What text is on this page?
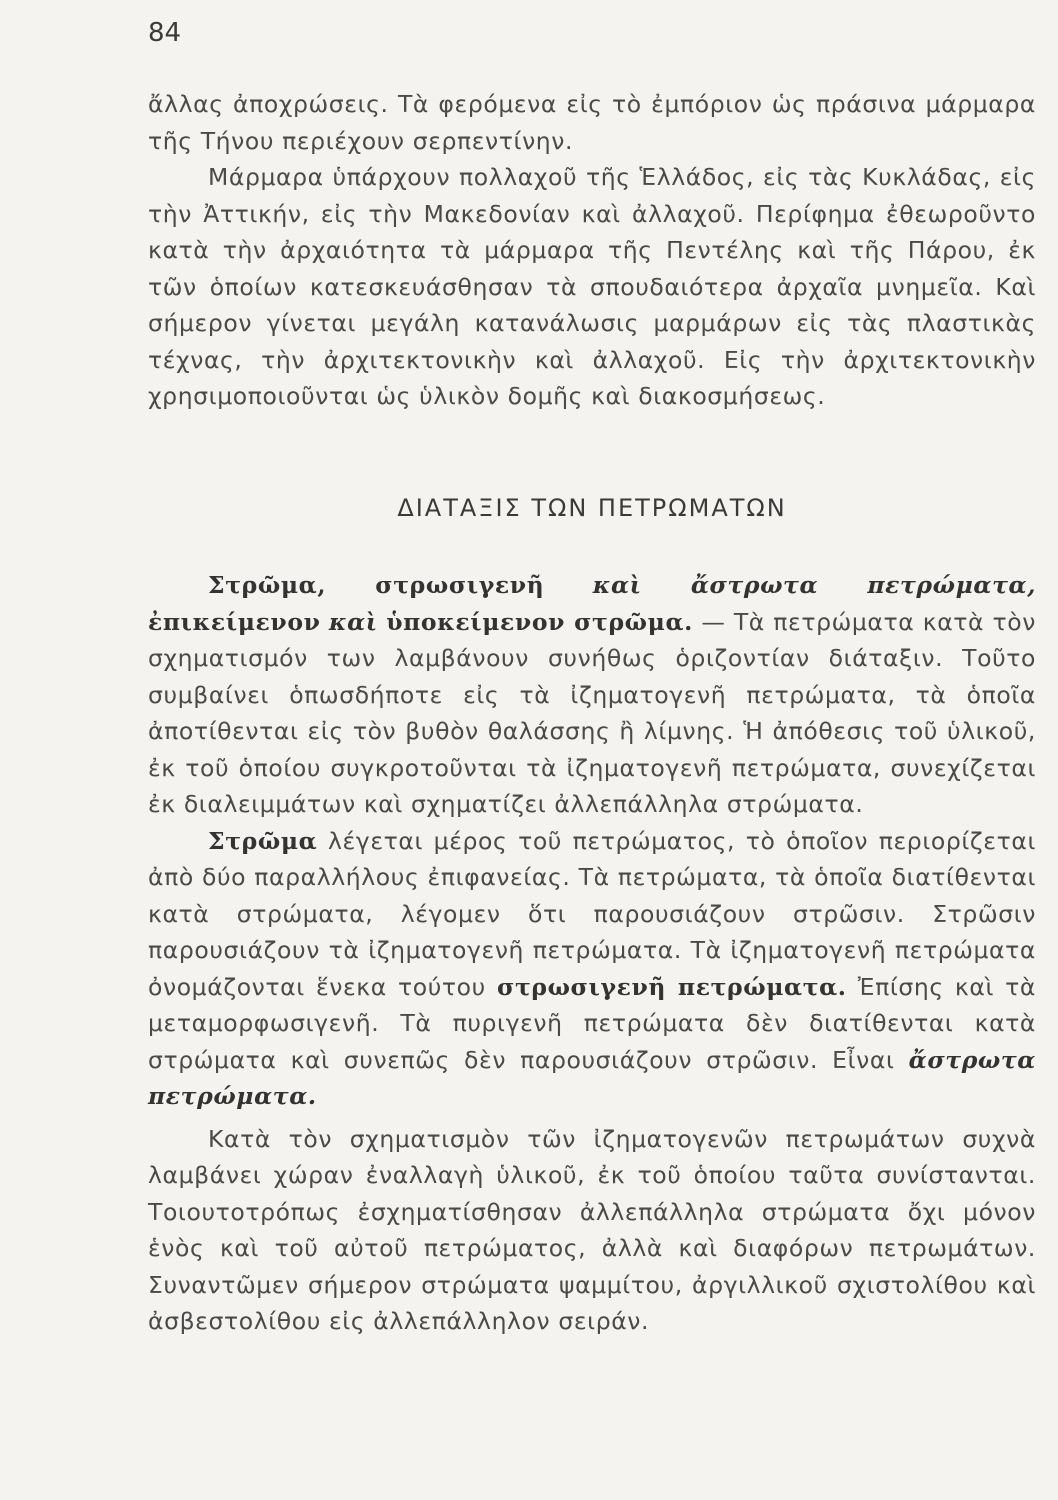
84

ἄλλας ἀποχρώσεις. Τὰ φερόμενα εἰς τὸ ἐμπόριον ὡς πράσινα μάρμαρα τῆς Τήνου περιέχουν σερπεντίνην.

Μάρμαρα ὑπάρχουν πολλαχοῦ τῆς Ἑλλάδος, εἰς τὰς Κυκλάδας, εἰς τὴν Ἀττικήν, εἰς τὴν Μακεδονίαν καὶ ἀλλαχοῦ. Περίφημα ἐθεωροῦντο κατὰ τὴν ἀρχαιότητα τὰ μάρμαρα τῆς Πεντέλης καὶ τῆς Πάρου, ἐκ τῶν ὁποίων κατεσκευάσθησαν τὰ σπουδαιότερα ἀρχαῖα μνημεῖα. Καὶ σήμερον γίνεται μεγάλη κατανάλωσις μαρμάρων εἰς τὰς πλαστικὰς τέχνας, τὴν ἀρχιτεκτονικὴν καὶ ἀλλαχοῦ. Εἰς τὴν ἀρχιτεκτονικὴν χρησιμοποιοῦνται ὡς ὑλικὸν δομῆς καὶ διακοσμήσεως.

ΔΙΑΤΑΞΙΣ ΤΩΝ ΠΕΤΡΩΜΑΤΩΝ

Στρῶμα, στρωσιγενῆ καὶ ἄστρωτα πετρώματα, ἐπικείμενον καὶ ὑποκείμενον στρῶμα. — Τὰ πετρώματα κατὰ τὸν σχηματισμόν των λαμβάνουν συνήθως ὁριζοντίαν διάταξιν. Τοῦτο συμβαίνει ὁπωσδήποτε εἰς τὰ ἰζηματογενῆ πετρώματα, τὰ ὁποῖα ἀποτίθενται εἰς τὸν βυθὸν θαλάσσης ἢ λίμνης. Ἡ ἀπόθεσις τοῦ ὑλικοῦ, ἐκ τοῦ ὁποίου συγκροτοῦνται τὰ ἰζηματογενῆ πετρώματα, συνεχίζεται ἐκ διαλειμμάτων καὶ σχηματίζει ἀλλεπάλληλα στρώματα.

Στρῶμα λέγεται μέρος τοῦ πετρώματος, τὸ ὁποῖον περιορίζεται ἀπὸ δύο παραλλήλους ἐπιφανείας. Τὰ πετρώματα, τὰ ὁποῖα διατίθενται κατὰ στρώματα, λέγομεν ὅτι παρουσιάζουν στρῶσιν. Στρῶσιν παρουσιάζουν τὰ ἰζηματογενῆ πετρώματα. Τὰ ἰζηματογενῆ πετρώματα ὀνομάζονται ἕνεκα τούτου στρωσιγενῆ πετρώματα. Ἐπίσης καὶ τὰ μεταμορφωσιγενῆ. Τὰ πυριγενῆ πετρώματα δὲν διατίθενται κατὰ στρώματα καὶ συνεπῶς δὲν παρουσιάζουν στρῶσιν. Εἶναι ἄστρωτα πετρώματα.

Κατὰ τὸν σχηματισμὸν τῶν ἰζηματογενῶν πετρωμάτων συχνὰ λαμβάνει χώραν ἐναλλαγὴ ὑλικοῦ, ἐκ τοῦ ὁποίου ταῦτα συνίστανται. Τοιουτοτρόπως ἐσχηματίσθησαν ἀλλεπάλληλα στρώματα ὄχι μόνον ἑνὸς καὶ τοῦ αὐτοῦ πετρώματος, ἀλλὰ καὶ διαφόρων πετρωμάτων. Συναντῶμεν σήμερον στρώματα ψαμμίτου, ἀργιλλικοῦ σχιστολίθου καὶ ἀσβεστολίθου εἰς ἀλλεπάλληλον σειράν.
